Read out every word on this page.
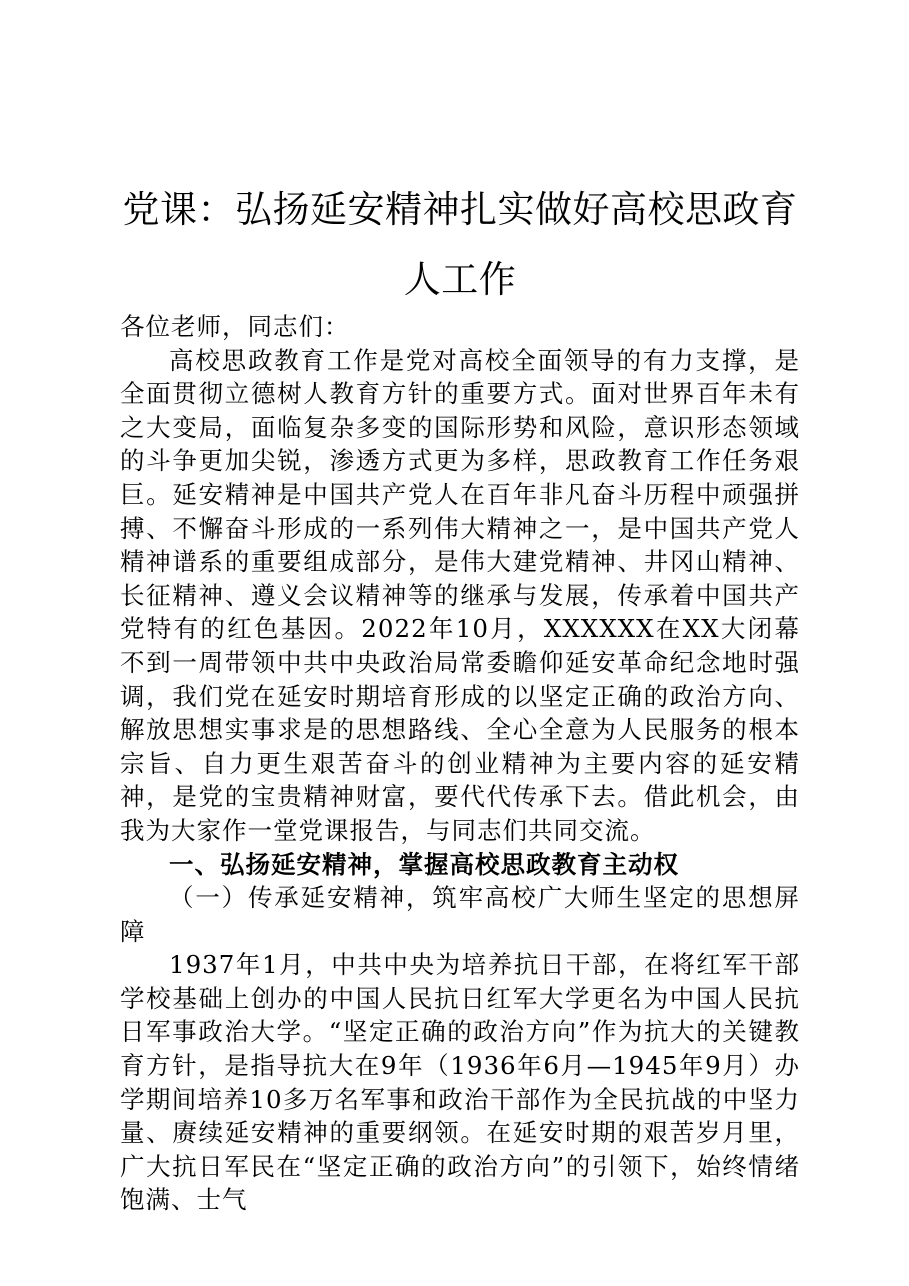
党课：弘扬延安精神扎实做好高校思政育人工作

各位老师，同志们：

高校思政教育工作是党对高校全面领导的有力支撑，是全面贯彻立德树人教育方针的重要方式。面对世界百年未有之大变局，面临复杂多变的国际形势和风险，意识形态领域的斗争更加尖锐，渗透方式更为多样，思政教育工作任务艰巨。延安精神是中国共产党人在百年非凡奋斗历程中顽强拼搏、不懈奋斗形成的一系列伟大精神之一，是中国共产党人精神谱系的重要组成部分，是伟大建党精神、井冈山精神、长征精神、遵义会议精神等的继承与发展，传承着中国共产党特有的红色基因。2022年10月，XXXXXX在XX大闭幕不到一周带领中共中央政治局常委瞻仰延安革命纪念地时强调，我们党在延安时期培育形成的以坚定正确的政治方向、解放思想实事求是的思想路线、全心全意为人民服务的根本宗旨、自力更生艰苦奋斗的创业精神为主要内容的延安精神，是党的宝贵精神财富，要代代传承下去。借此机会，由我为大家作一堂党课报告，与同志们共同交流。

一、弘扬延安精神，掌握高校思政教育主动权

（一）传承延安精神，筑牢高校广大师生坚定的思想屏障

1937年1月，中共中央为培养抗日干部，在将红军干部学校基础上创办的中国人民抗日红军大学更名为中国人民抗日军事政治大学。“坚定正确的政治方向”作为抗大的关键教育方针，是指导抗大在9年（1936年6月—1945年9月）办学期间培养10多万名军事和政治干部作为全民抗战的中坚力量、赓续延安精神的重要纲领。在延安时期的艰苦岁月里，广大抗日军民在“坚定正确的政治方向”的引领下，始终情绪饱满、士气
